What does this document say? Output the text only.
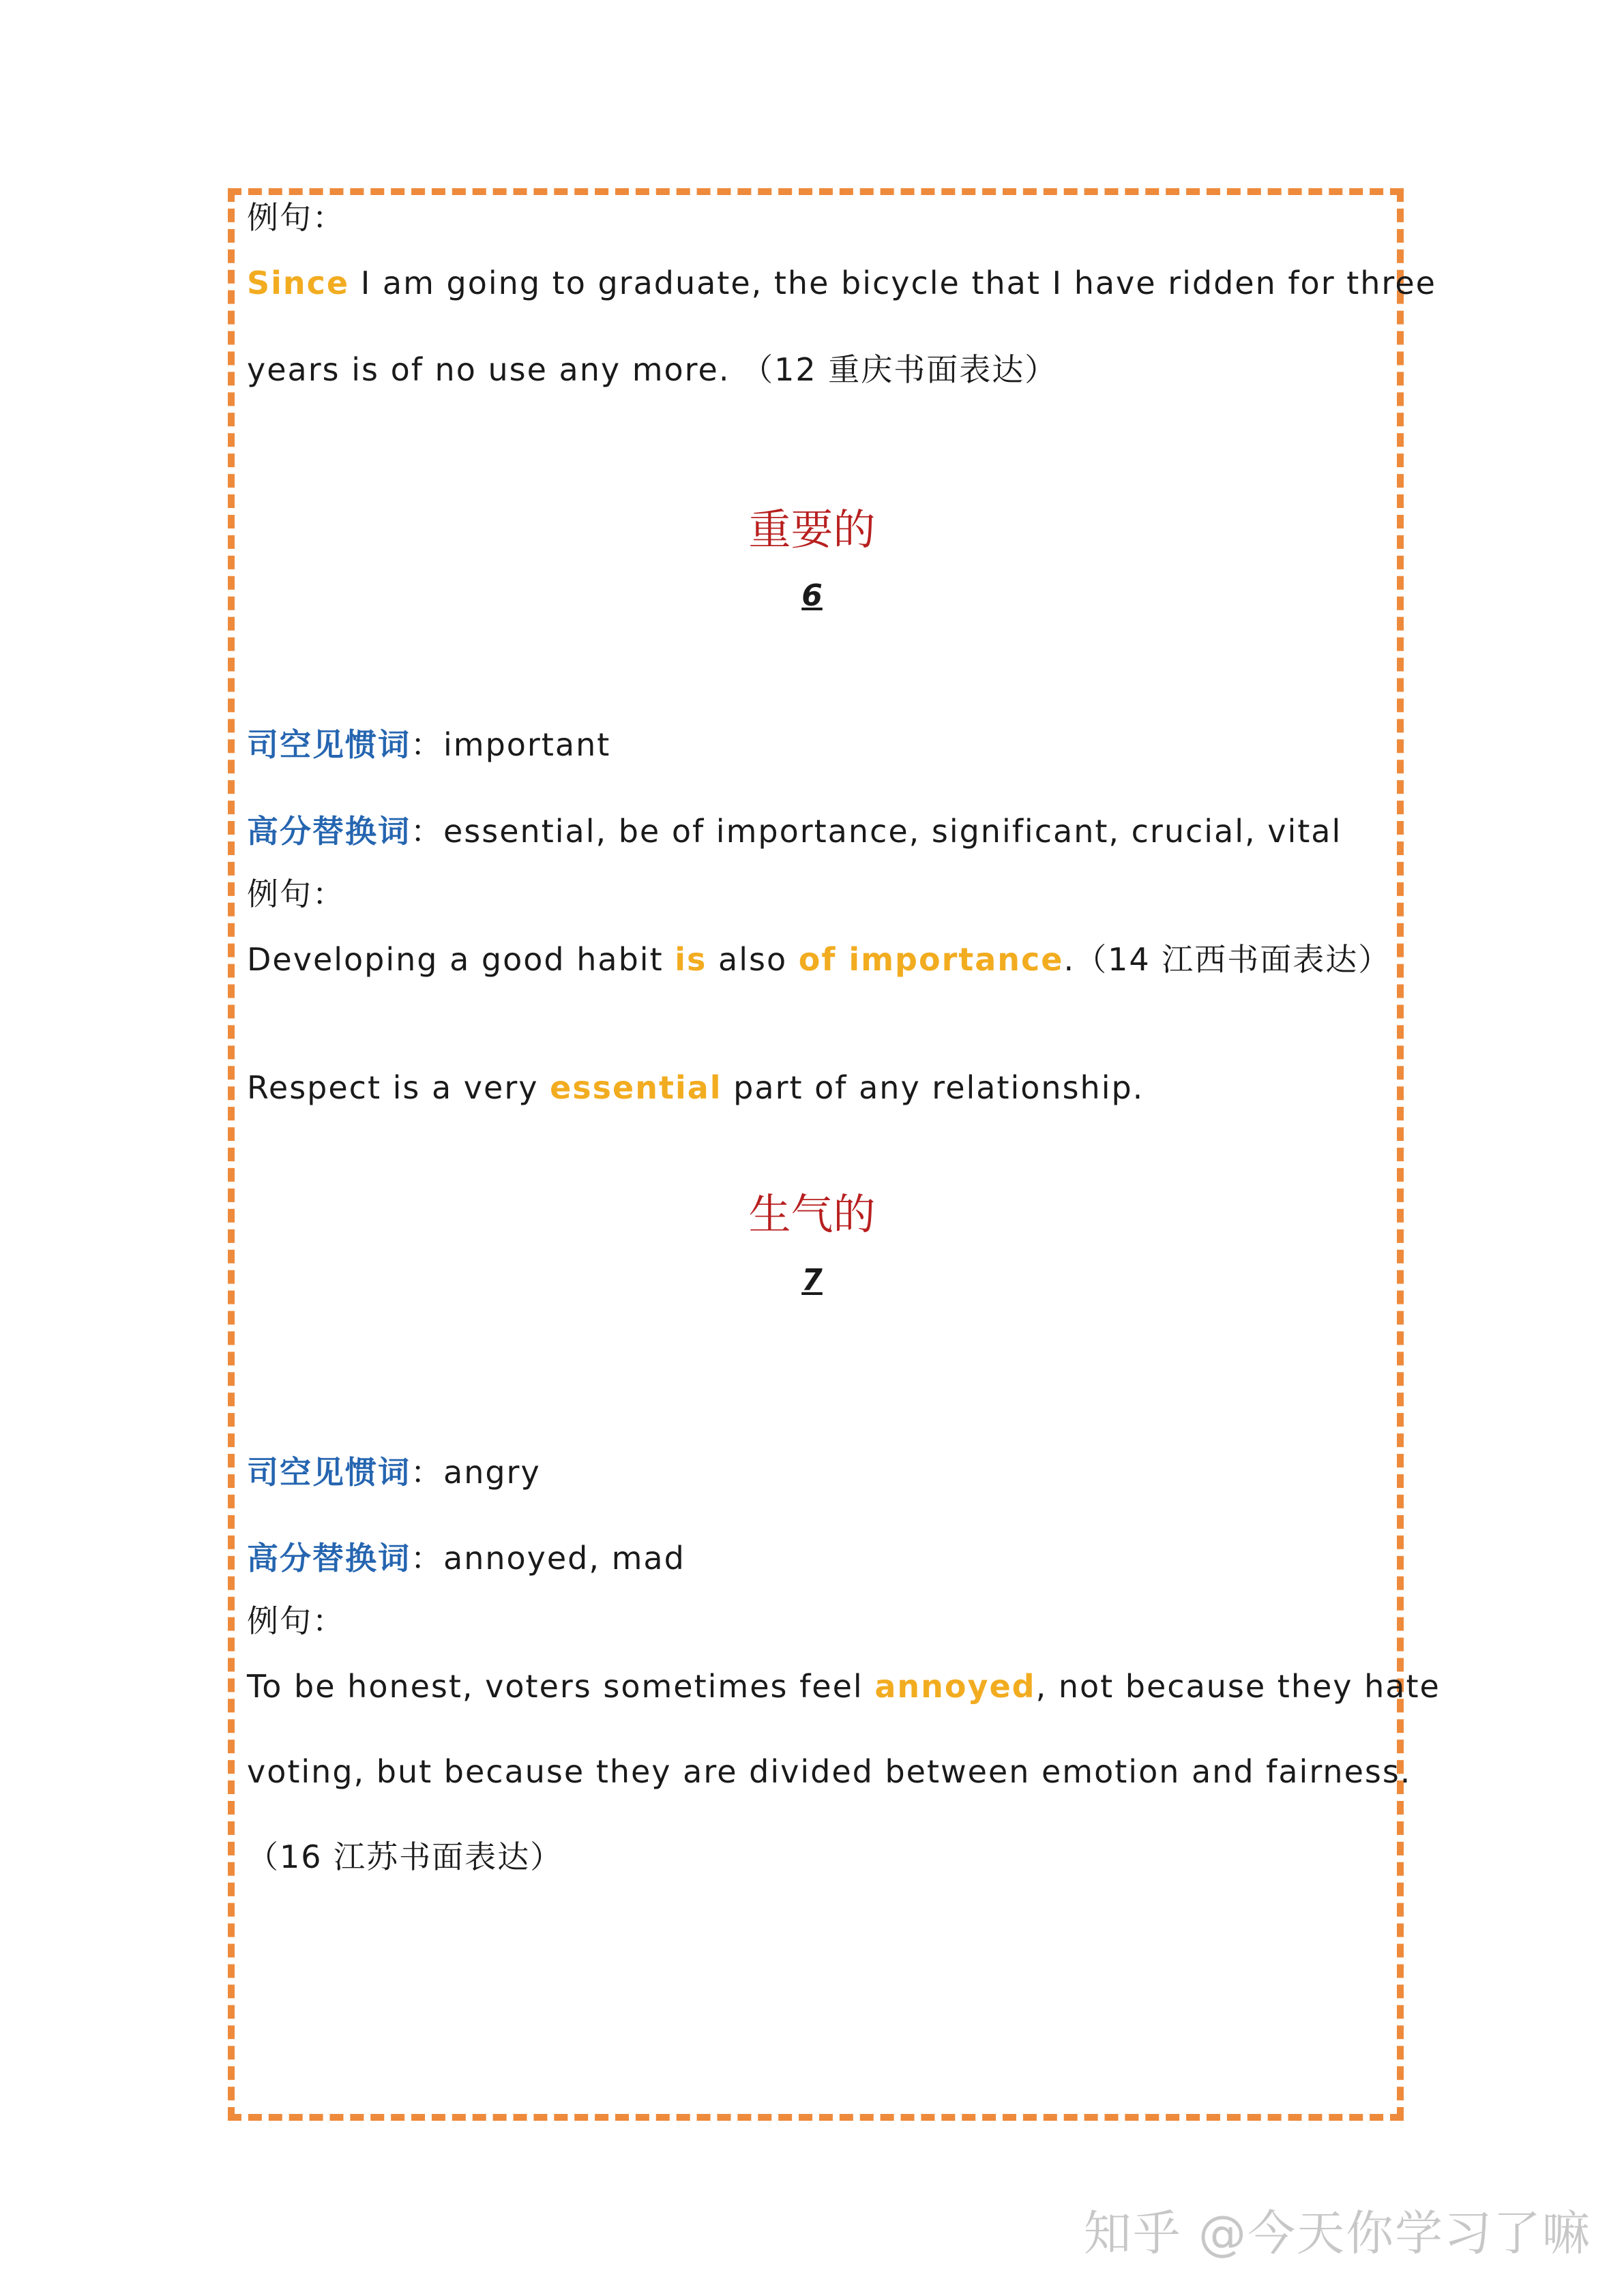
例句：
Since I am going to graduate, the bicycle that I have ridden for three
years is of no use any more. （12 重庆书面表达）
重要的
6
司空见惯词：important
高分替换词：essential, be of importance, significant, crucial, vital
例句：
Developing a good habit is also of importance.（14 江西书面表达）
Respect is a very essential part of any relationship.
生气的
7
司空见惯词：angry
高分替换词：annoyed, mad
例句：
To be honest, voters sometimes feel annoyed, not because they hate
voting, but because they are divided between emotion and fairness.
（16 江苏书面表达）
知乎 @今天你学习了嘛
